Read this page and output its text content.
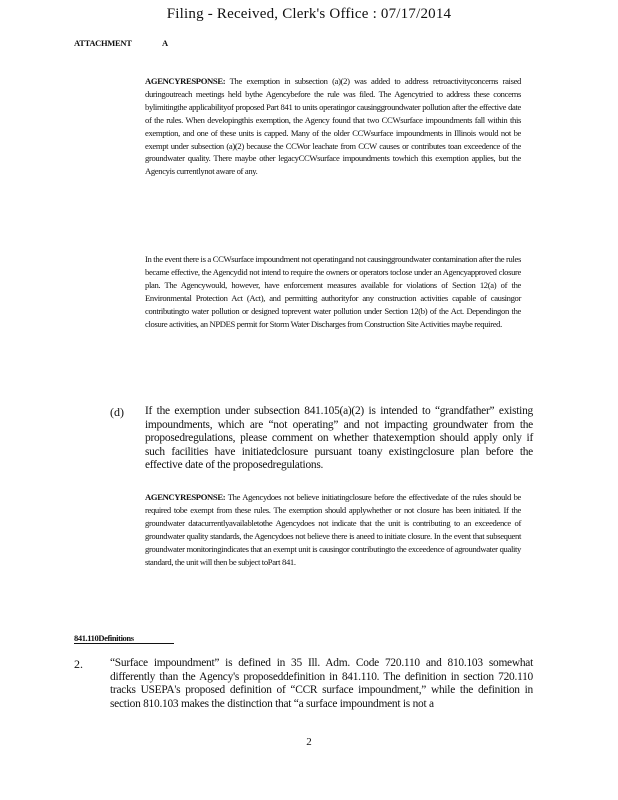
Filing - Received, Clerk's Office : 07/17/2014
ATTACHMENT	A
AGENCYRESPONSE: The exemption in subsection (a)(2) was added to address retroactivityconcerns raised duringoutreach meetings held bythe Agencybefore the rule was filed. The Agencytried to address these concerns bylimitingthe applicabilityof proposed Part 841 to units operatingor causinggroundwater pollution after the effective date of the rules. When developingthis exemption, the Agency found that two CCWsurface impoundments fall within this exemption, and one of these units is capped. Many of the older CCWsurface impoundments in Illinois would not be exempt under subsection (a)(2) because the CCWor leachate from CCW causes or contributes toan exceedence of the groundwater quality. There maybe other legacyCCWsurface impoundments towhich this exemption applies, but the Agencyis currentlynot aware of any.
In the event there is a CCWsurface impoundment not operatingand not causinggroundwater contamination after the rules became effective, the Agencydid not intend to require the owners or operators toclose under an Agencyapproved closure plan. The Agencywould, however, have enforcement measures available for violations of Section 12(a) of the Environmental Protection Act (Act), and permitting authorityfor any construction activities capable of causingor contributingto water pollution or designed toprevent water pollution under Section 12(b) of the Act. Dependingon the closure activities, an NPDES permit for Storm Water Discharges from Construction Site Activities maybe required.
(d) If the exemption under subsection 841.105(a)(2) is intended to “grandfather” existing impoundments, which are “not operating” and not impacting groundwater from the proposedregulations, please comment on whether thatexemption should apply only if such facilities have initiatedclosure pursuant toany existingclosure plan before the effective date of the proposedregulations.
AGENCYRESPONSE: The Agencydoes not believe initiatingclosure before the effectivedate of the rules should be required tobe exempt from these rules. The exemption should applywhether or not closure has been initiated. If the groundwater datacurrentlyavailabletothe Agencydoes not indicate that the unit is contributing to an exceedence of groundwater quality standards, the Agencydoes not believe there is aneed to initiate closure. In the event that subsequent groundwater monitoringindicates that an exempt unit is causingor contributingto the exceedence of agroundwater quality standard, the unit will then be subject toPart 841.
841.110Definitions
2. “Surface impoundment” is defined in 35 Ill. Adm. Code 720.110 and 810.103 somewhat differently than the Agency's proposeddefinition in 841.110. The definition in section 720.110 tracks USEPA's proposed definition of “CCR surface impoundment,” while the definition in section 810.103 makes the distinction that “a surface impoundment is not a
2
